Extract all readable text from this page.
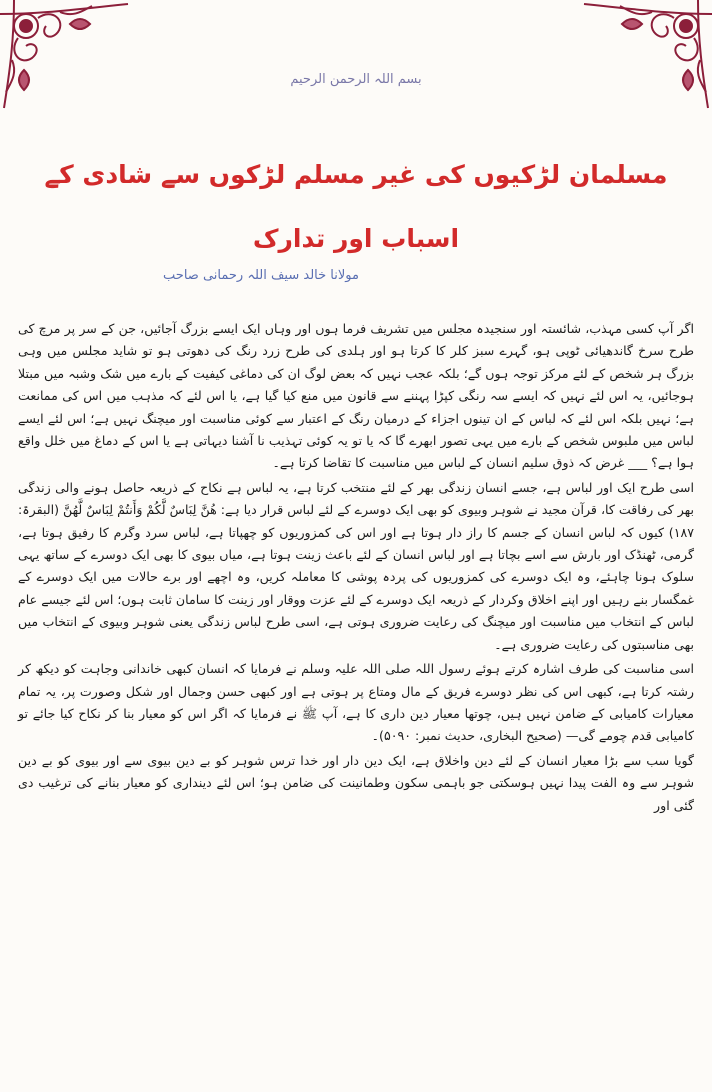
بسم اللہ الرحمن الرحیم
مسلمان لڑکیوں کی غیر مسلم لڑکوں سے شادی کے
اسباب اور تدارک
مولانا خالد سیف اللہ رحمانی صاحب

اگر آپ کسی مہذب، شائستہ اور سنجیدہ مجلس میں تشریف فرما ہوں اور وہاں ایک ایسے بزرگ آجائیں، جن کے سر پر مرچ کی طرح سرخ گاندھیائی ٹوپی ہو، گہرے سبز کلر کا کرتا ہو اور ہلدی کی طرح زرد رنگ کی دھوتی ہو تو شاید مجلس میں وہی بزرگ ہر شخص کے لئے مرکز توجہ ہوں گے؛ بلکہ عجب نہیں کہ بعض لوگ ان کی دماغی کیفیت کے بارے میں شک وشبہ میں مبتلا ہوجائیں، یہ اس لئے نہیں کہ ایسے سہ رنگی کپڑا پہننے سے قانون میں منع کیا گیا ہے، یا اس لئے کہ مذہب میں اس کی ممانعت ہے؛ نہیں بلکہ اس لئے کہ لباس کے ان تینوں اجزاء کے درمیان رنگ کے اعتبار سے کوئی مناسبت اور میچنگ نہیں ہے؛ اس لئے ایسے لباس میں ملبوس شخص کے بارے میں یہی تصور ابھرے گا کہ یا تو یہ کوئی تہذیب نا آشنا دیہاتی ہے یا اس کے دماغ میں خلل واقع ہوا ہے؟ ___ غرض کہ ذوق سلیم انسان کے لباس میں مناسبت کا تقاضا کرتا ہے۔

اسی طرح ایک اور لباس ہے، جسے انسان زندگی بھر کے لئے منتخب کرتا ہے، یہ لباس ہے نکاح کے ذریعہ حاصل ہونے والی زندگی بھر کی رفاقت کا، قرآن مجید نے شوہر وبیوی کو بھی ایک دوسرے کے لئے لباس قرار دیا ہے: هُنَّ لِبَاسٌ لَّكُمْ وَأَنتُمْ لِبَاسٌ لَّهُنَّ (البقرۃ: ۱۸۷) کیوں کہ لباس انسان کے جسم کا راز دار ہوتا ہے اور اس کی کمزوریوں کو چھپاتا ہے، لباس سرد وگرم کا رفیق ہوتا ہے، گرمی، ٹھنڈک اور بارش سے اسے بچاتا ہے اور لباس انسان کے لئے باعث زینت ہوتا ہے، میاں بیوی کا بھی ایک دوسرے کے ساتھ یہی سلوک ہونا چاہئے، وہ ایک دوسرے کی کمزوریوں کی پردہ پوشی کا معاملہ کریں، وہ اچھے اور برے حالات میں ایک دوسرے کے غمگسار بنے رہیں اور اپنے اخلاق وکردار کے ذریعہ ایک دوسرے کے لئے عزت ووقار اور زینت کا سامان ثابت ہوں؛ اس لئے جیسے عام لباس کے انتخاب میں مناسبت اور میچنگ کی رعایت ضروری ہوتی ہے، اسی طرح لباس زندگی یعنی شوہر وبیوی کے انتخاب میں بھی مناسبتوں کی رعایت ضروری ہے۔

اسی مناسبت کی طرف اشارہ کرتے ہوئے رسول اللہ صلی اللہ علیہ وسلم نے فرمایا کہ انسان کبھی خاندانی وجاہت کو دیکھ کر رشتہ کرتا ہے، کبھی اس کی نظر دوسرے فریق کے مال ومتاع پر ہوتی ہے اور کبھی حسن وجمال اور شکل وصورت پر، یہ تمام معیارات کامیابی کے ضامن نہیں ہیں، چوتھا معیار دین داری کا ہے، آپ ﷺ نے فرمایا کہ اگر اس کو معیار بنا کر نکاح کیا جائے تو کامیابی قدم چومے گی— (صحیح البخاری، حدیث نمبر: ۵۰۹۰)۔

گویا سب سے بڑا معیار انسان کے لئے دین واخلاق ہے، ایک دین دار اور خدا ترس شوہر کو بے دین بیوی سے اور بیوی کو بے دین شوہر سے وہ الفت پیدا نہیں ہوسکتی جو باہمی سکون وطمانینت کی ضامن ہو؛ اس لئے دینداری کو معیار بنانے کی ترغیب دی گئی اور
